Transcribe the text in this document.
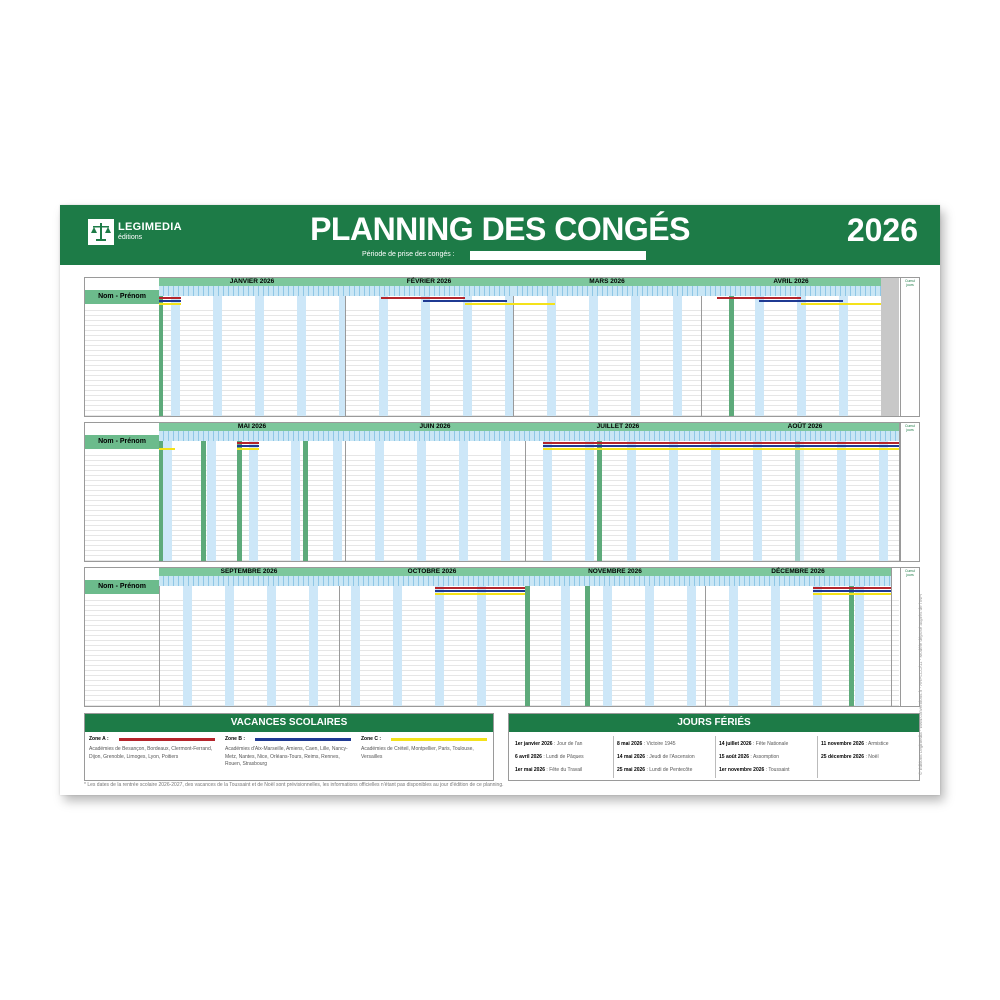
LEGIMEDIA
éditions	PLANNING DES CONGÉS	2026
Période de prise des congés :
Nom - Prénom
JANVIER 2026	FÉVRIER 2026	MARS 2026	AVRIL 2026	Cumul jours
Nom - Prénom
MAI 2026	JUIN 2026	JUILLET 2026	AOÛT 2026	Cumul jours
Nom - Prénom
SEPTEMBRE 2026	OCTOBRE 2026	NOVEMBRE 2026	DÉCEMBRE 2026	Cumul jours
VACANCES SCOLAIRES
Zone A :
Académies de Besançon, Bordeaux, Clermont-Ferrand, Dijon, Grenoble, Limoges, Lyon, Poitiers
Zone B :
Académies d'Aix-Marseille, Amiens, Caen, Lille, Nancy-Metz, Nantes, Nice, Orléans-Tours, Reims, Rennes, Rouen, Strasbourg
Zone C :
Académies de Créteil, Montpellier, Paris, Toulouse, Versailles
JOURS FÉRIÉS
1er janvier 2026 : Jour de l'an
6 avril 2026 : Lundi de Pâques
1er mai 2026 : Fête du Travail
8 mai 2026 : Victoire 1945
14 mai 2026 : Jeudi de l'Ascension
25 mai 2026 : Lundi de Pentecôte
14 juillet 2026 : Fête Nationale
15 août 2026 : Assomption
1er novembre 2026 : Toussaint
11 novembre 2026 : Armistice
25 décembre 2026 : Noël
* Les dates de la rentrée scolaire 2026-2027, des vacances de la Toussaint et de Noël sont prévisionnelles, les informations officielles n'étant pas disponibles au jour d'édition de ce planning.
© Éditions Legimedia - www.conventions.fr - ARPLCO/11 - Modèle déposé auprès de l'INPI
